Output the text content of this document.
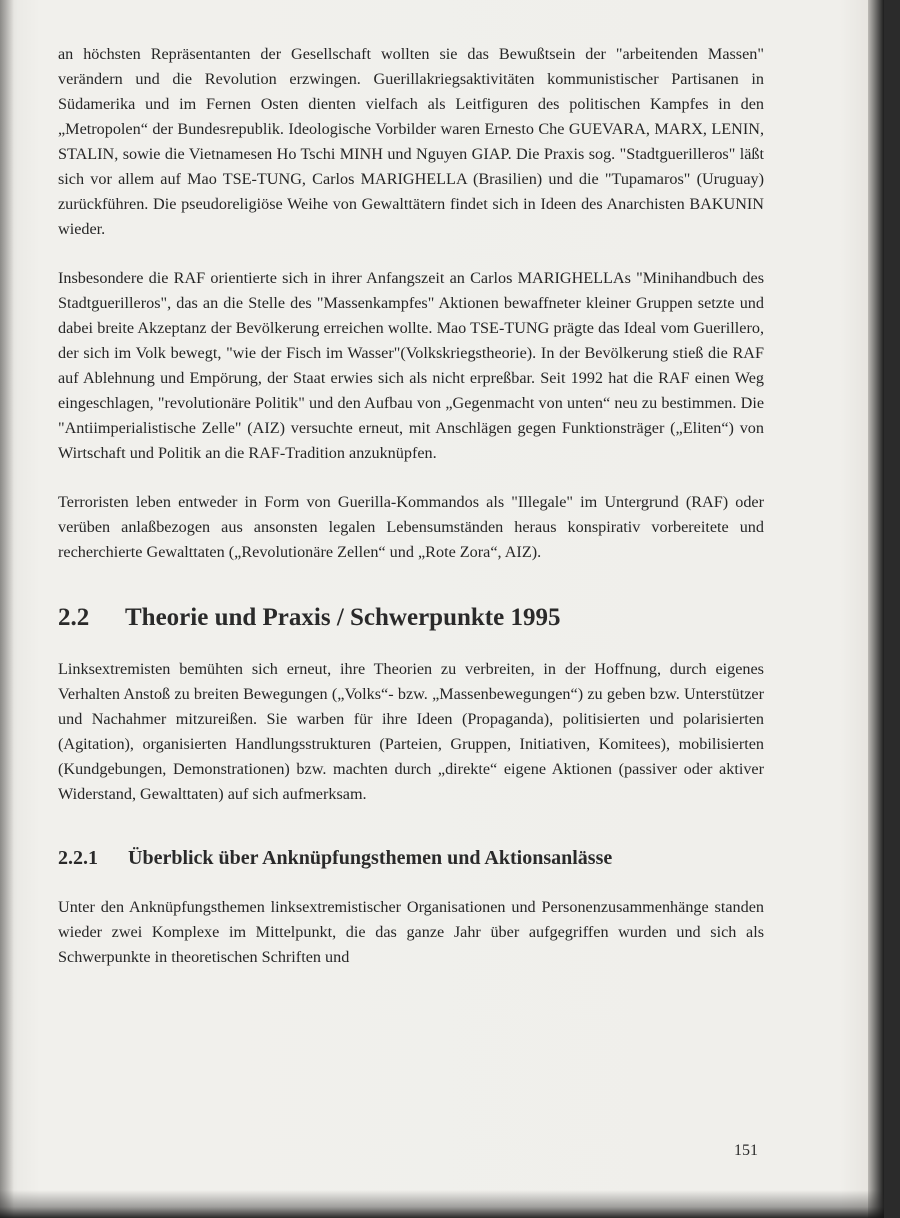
an höchsten Repräsentanten der Gesellschaft wollten sie das Bewußtsein der "arbeitenden Massen" verändern und die Revolution erzwingen. Guerillakriegsaktivitäten kommunistischer Partisanen in Südamerika und im Fernen Osten dienten vielfach als Leitfiguren des politischen Kampfes in den „Metropolen“ der Bundesrepublik. Ideologische Vorbilder waren Ernesto Che GUEVARA, MARX, LENIN, STALIN, sowie die Vietnamesen Ho Tschi MINH und Nguyen GIAP. Die Praxis sog. "Stadtguerilleros" läßt sich vor allem auf Mao TSE-TUNG, Carlos MARIGHELLA (Brasilien) und die "Tupamaros" (Uruguay) zurückführen. Die pseudoreligiöse Weihe von Gewalttätern findet sich in Ideen des Anarchisten BAKUNIN wieder.

Insbesondere die RAF orientierte sich in ihrer Anfangszeit an Carlos MARIGHELLAs "Minihandbuch des Stadtguerilleros", das an die Stelle des "Massenkampfes" Aktionen bewaffneter kleiner Gruppen setzte und dabei breite Akzeptanz der Bevölkerung erreichen wollte. Mao TSE-TUNG prägte das Ideal vom Guerillero, der sich im Volk bewegt, "wie der Fisch im Wasser"(Volkskriegstheorie). In der Bevölkerung stieß die RAF auf Ablehnung und Empörung, der Staat erwies sich als nicht erpreßbar. Seit 1992 hat die RAF einen Weg eingeschlagen, "revolutionäre Politik" und den Aufbau von „Gegenmacht von unten“ neu zu bestimmen. Die "Antiimperialistische Zelle" (AIZ) versuchte erneut, mit Anschlägen gegen Funktionsträger („Eliten“) von Wirtschaft und Politik an die RAF-Tradition anzuknüpfen.

Terroristen leben entweder in Form von Guerilla-Kommandos als "Illegale" im Untergrund (RAF) oder verüben anlaßbezogen aus ansonsten legalen Lebensumständen heraus konspirativ vorbereitete und recherchierte Gewalttaten („Revolutionäre Zellen“ und „Rote Zora“, AIZ).

2.2	Theorie und Praxis / Schwerpunkte 1995

Linksextremisten bemühten sich erneut, ihre Theorien zu verbreiten, in der Hoffnung, durch eigenes Verhalten Anstoß zu breiten Bewegungen („Volks“- bzw. „Massenbewegungen“) zu geben bzw. Unterstützer und Nachahmer mitzureißen. Sie warben für ihre Ideen (Propaganda), politisierten und polarisierten (Agitation), organisierten Handlungsstrukturen (Parteien, Gruppen, Initiativen, Komitees), mobilisierten (Kundgebungen, Demonstrationen) bzw. machten durch „direkte“ eigene Aktionen (passiver oder aktiver Widerstand, Gewalttaten) auf sich aufmerksam.

2.2.1	Überblick über Anknüpfungsthemen und Aktionsanlässe

Unter den Anknüpfungsthemen linksextremistischer Organisationen und Personenzusammenhänge standen wieder zwei Komplexe im Mittelpunkt, die das ganze Jahr über aufgegriffen wurden und sich als Schwerpunkte in theoretischen Schriften und

151
